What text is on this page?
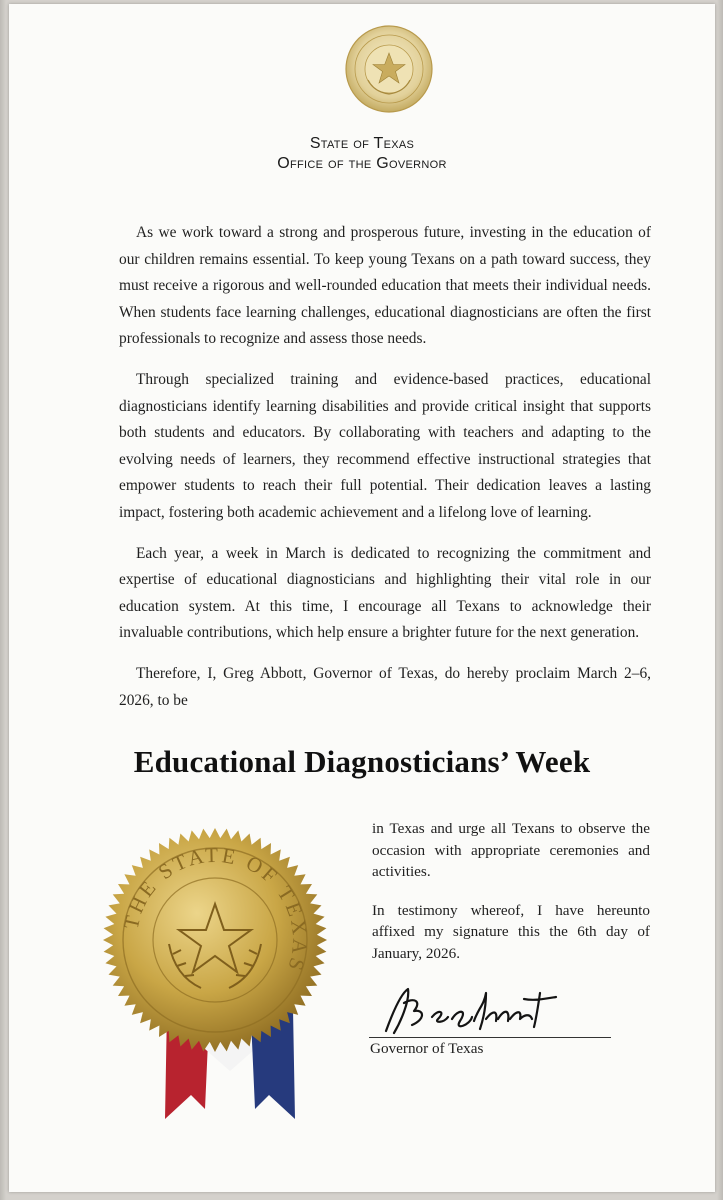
State of Texas
Office of the Governor

As we work toward a strong and prosperous future, investing in the education of our children remains essential. To keep young Texans on a path toward success, they must receive a rigorous and well-rounded education that meets their individual needs. When students face learning challenges, educational diagnosticians are often the first professionals to recognize and assess those needs.

Through specialized training and evidence-based practices, educational diagnosticians identify learning disabilities and provide critical insight that supports both students and educators. By collaborating with teachers and adapting to the evolving needs of learners, they recommend effective instructional strategies that empower students to reach their full potential. Their dedication leaves a lasting impact, fostering both academic achievement and a lifelong love of learning.

Each year, a week in March is dedicated to recognizing the commitment and expertise of educational diagnosticians and highlighting their vital role in our education system. At this time, I encourage all Texans to acknowledge their invaluable contributions, which help ensure a brighter future for the next generation.

Therefore, I, Greg Abbott, Governor of Texas, do hereby proclaim March 2–6, 2026, to be

Educational Diagnosticians’ Week

in Texas and urge all Texans to observe the occasion with appropriate ceremonies and activities.

In testimony whereof, I have hereunto affixed my signature this the 6th day of January, 2026.

THE STATE OF TEXAS
Governor of Texas
